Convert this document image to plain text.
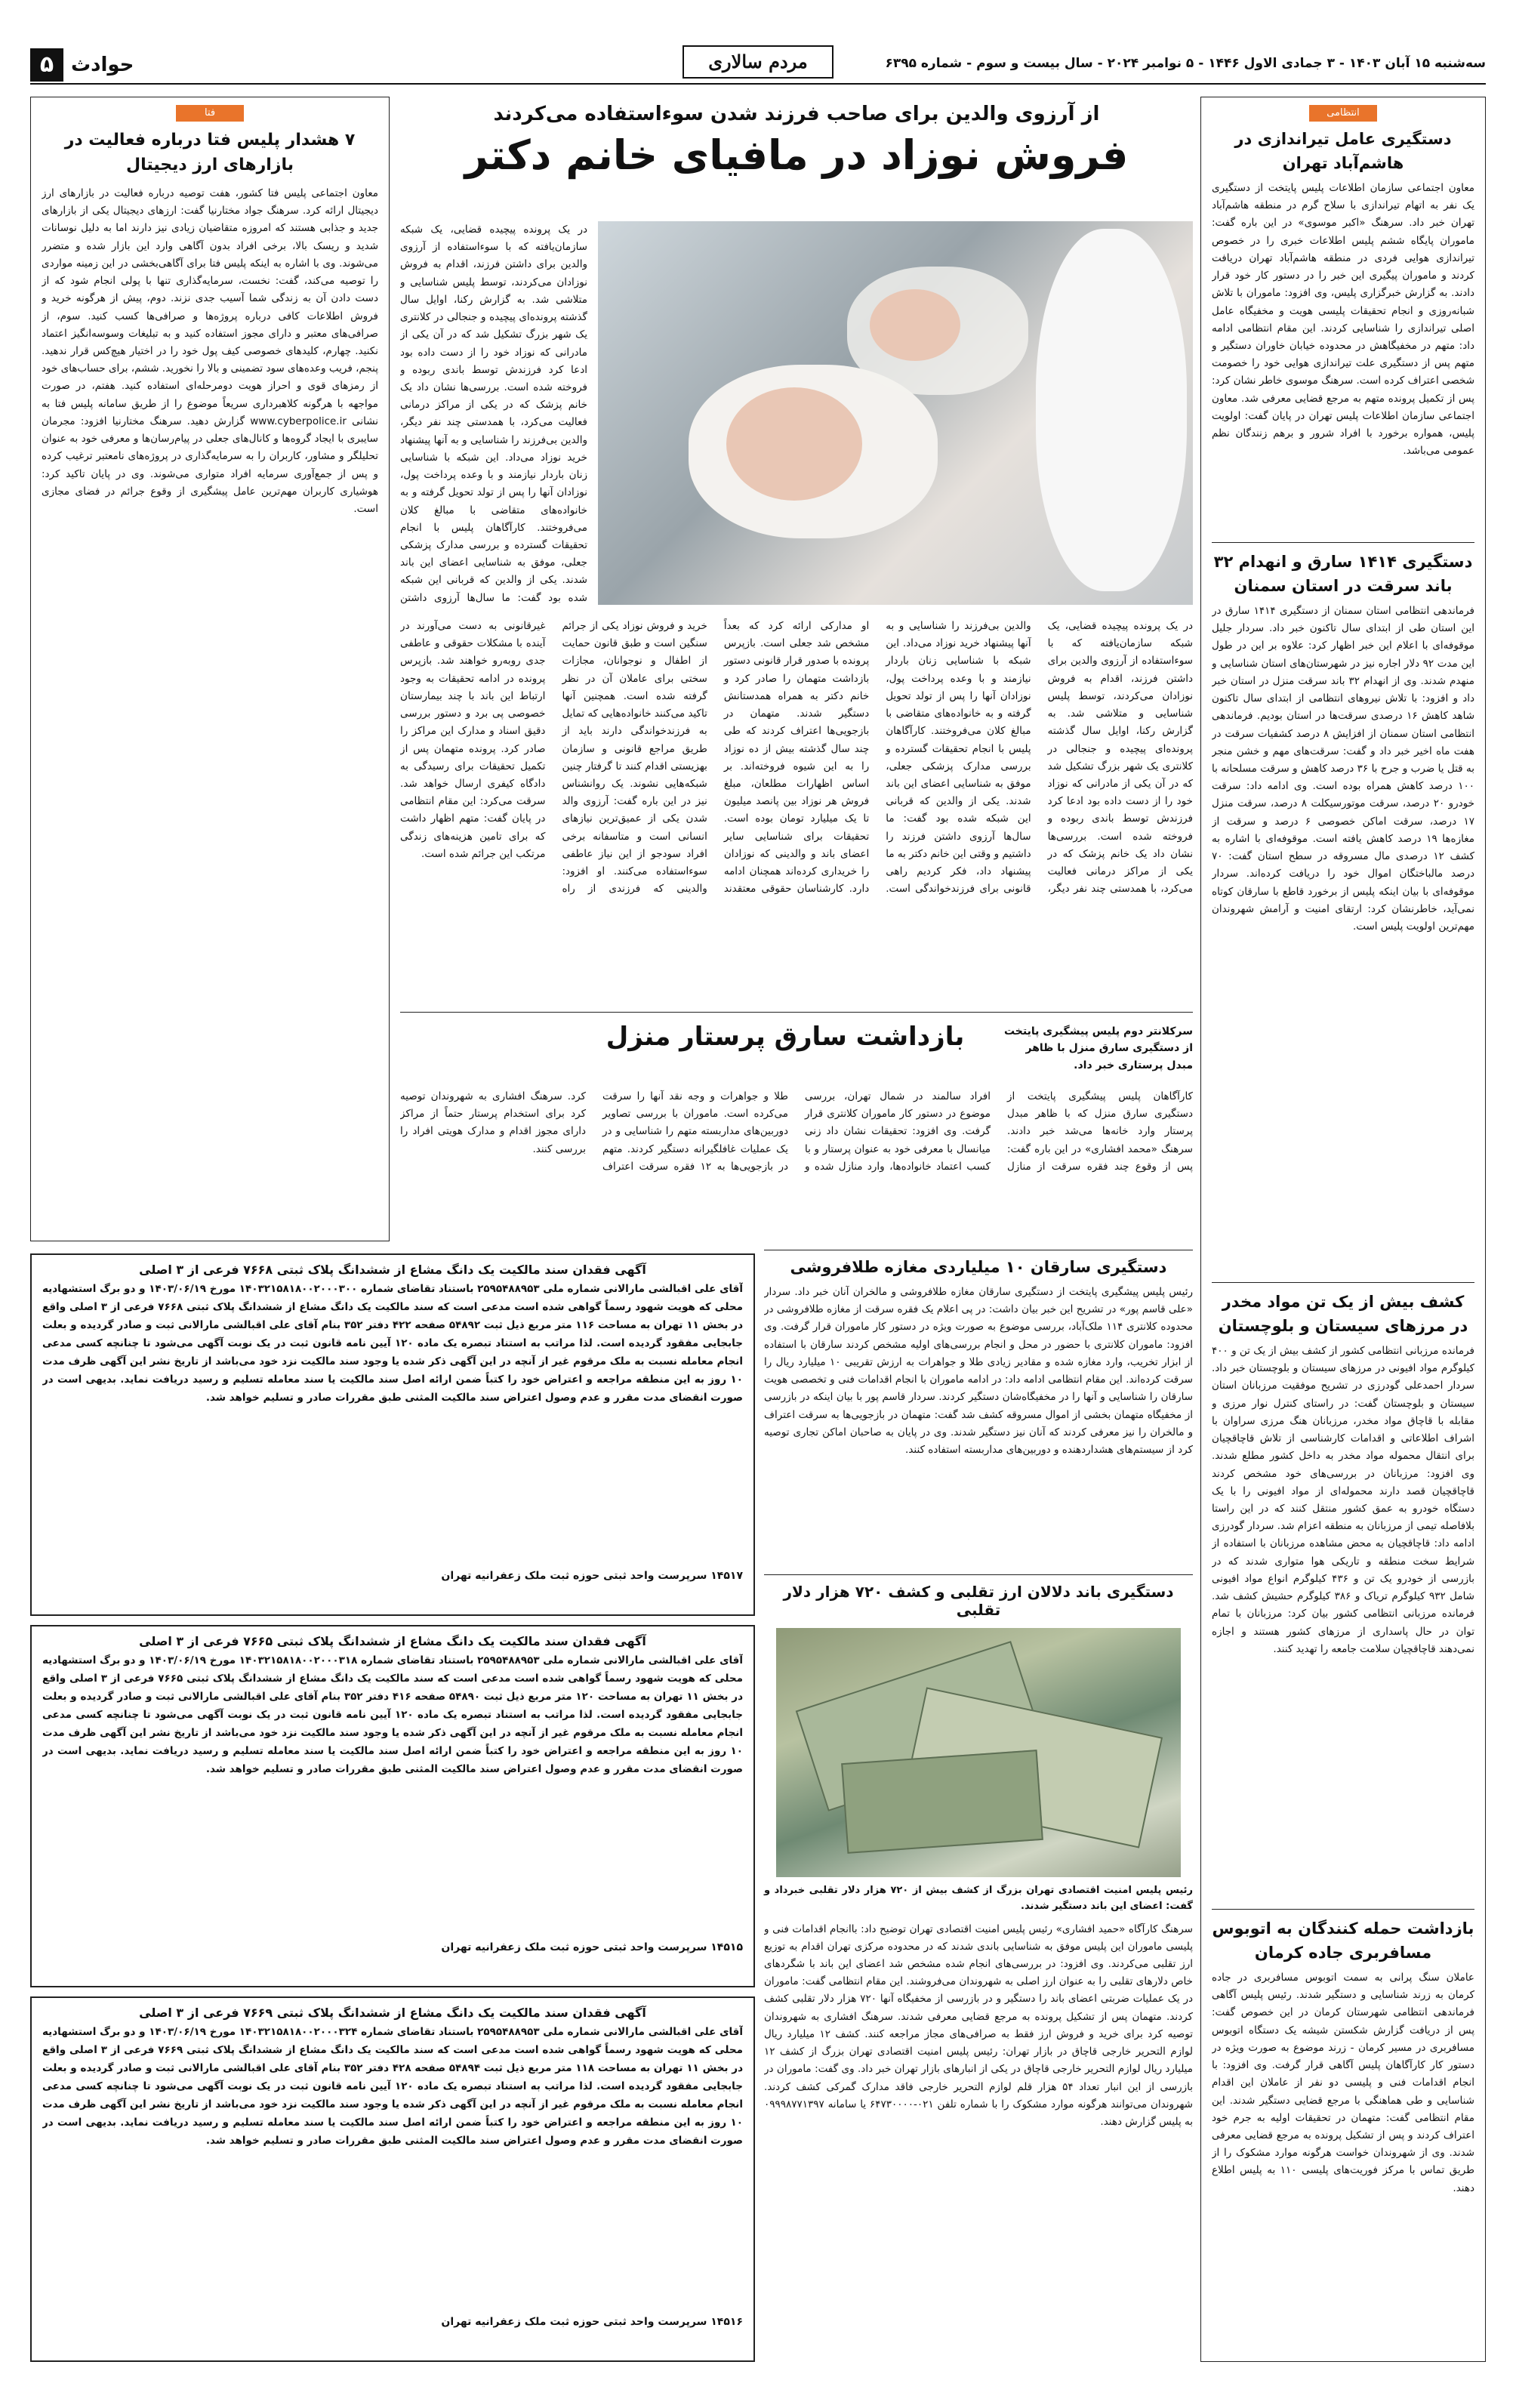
سه‌شنبه ۱۵ آبان ۱۴۰۳ - ۳ جمادی الاول ۱۴۴۶ - ۵ نوامبر ۲۰۲۴ - سال بیست و سوم - شماره ۶۳۹۵
مردم سالاری
حوادث
۵
انتظامی
دستگیری عامل تیراندازی در هاشم‌آباد تهران

معاون اجتماعی سازمان اطلاعات پلیس پایتخت از دستگیری یک نفر به اتهام تیراندازی با سلاح گرم در منطقه هاشم‌آباد تهران خبر داد. سرهنگ «اکبر موسوی» در این باره گفت: ماموران پایگاه ششم پلیس اطلاعات خبری را در خصوص تیراندازی هوایی فردی در منطقه هاشم‌آباد تهران دریافت کردند و ماموران پیگیری این خبر را در دستور کار خود قرار دادند. به گزارش خبرگزاری پلیس، وی افزود: ماموران با تلاش شبانه‌روزی و انجام تحقیقات پلیسی هویت و مخفیگاه عامل اصلی تیراندازی را شناسایی کردند. این مقام انتظامی ادامه داد: متهم در مخفیگاهش در محدوده خیابان خاوران دستگیر و متهم پس از دستگیری علت تیراندازی هوایی خود را خصومت شخصی اعتراف کرده است. سرهنگ موسوی خاطر نشان کرد: پس از تکمیل پرونده متهم به مرجع قضایی معرفی شد. معاون اجتماعی سازمان اطلاعات پلیس تهران در پایان گفت: اولویت پلیس، همواره برخورد با افراد شرور و برهم زنندگان نظم عمومی می‌باشد.

دستگیری ۱۴۱۴ سارق و انهدام ۳۲ باند سرقت در استان سمنان

فرماندهی انتظامی استان سمنان از دستگیری ۱۴۱۴ سارق در این استان طی از ابتدای سال تاکنون خبر داد. سردار جلیل موقوفه‌ای با اعلام این خبر اظهار کرد: علاوه بر این در طول این مدت ۹۲ دلار اجاره نیز در شهرستان‌های استان شناسایی و منهدم شدند. وی از انهدام ۳۲ باند سرقت منزل در استان خبر داد و افزود: با تلاش نیروهای انتظامی از ابتدای سال تاکنون شاهد کاهش ۱۶ درصدی سرقت‌ها در استان بودیم. فرماندهی انتظامی استان سمنان از افزایش ۸ درصد کشفیات سرقت در هفت ماه اخیر خبر داد و گفت: سرقت‌های مهم و خشن منجر به قتل یا ضرب و جرح با ۳۶ درصد کاهش و سرقت مسلحانه با ۱۰۰ درصد کاهش همراه بوده است. وی ادامه داد: سرقت خودرو ۲۰ درصد، سرقت موتورسیکلت ۸ درصد، سرقت منزل ۱۷ درصد، سرقت اماکن خصوصی ۶ درصد و سرقت از مغازه‌ها ۱۹ درصد کاهش یافته است. موقوفه‌ای با اشاره به کشف ۱۲ درصدی مال مسروقه در سطح استان گفت: ۷۰ درصد مالباختگان اموال خود را دریافت کرده‌اند. سردار موقوفه‌ای با بیان اینکه پلیس از برخورد قاطع با سارقان کوتاه نمی‌آید، خاطرنشان کرد: ارتقای امنیت و آرامش شهروندان مهم‌ترین اولویت پلیس است.

کشف بیش از یک تن مواد مخدر در مرزهای سیستان و بلوچستان

فرمانده مرزبانی انتظامی کشور از کشف بیش از یک تن و ۴۰۰ کیلوگرم مواد افیونی در مرزهای سیستان و بلوچستان خبر داد. سردار احمدعلی گودرزی در تشریح موفقیت مرزبانان استان سیستان و بلوچستان گفت: در راستای کنترل نوار مرزی و مقابله با قاچاق مواد مخدر، مرزبانان هنگ مرزی سراوان با اشراف اطلاعاتی و اقدامات کارشناسی از تلاش قاچاقچیان برای انتقال محموله مواد مخدر به داخل کشور مطلع شدند. وی افزود: مرزبانان در بررسی‌های خود مشخص کردند قاچاقچیان قصد دارند محموله‌ای از مواد افیونی را با یک دستگاه خودرو به عمق کشور منتقل کنند که در این راستا بلافاصله تیمی از مرزبانان به منطقه اعزام شد. سردار گودرزی ادامه داد: قاچاقچیان به محض مشاهده مرزبانان با استفاده از شرایط سخت منطقه و تاریکی هوا متواری شدند که در بازرسی از خودرو یک تن و ۴۳۶ کیلوگرم انواع مواد افیونی شامل ۹۳۲ کیلوگرم تریاک و ۳۸۶ کیلوگرم حشیش کشف شد. فرمانده مرزبانی انتظامی کشور بیان کرد: مرزبانان با تمام توان در حال پاسداری از مرزهای کشور هستند و اجازه نمی‌دهند قاچاقچیان سلامت جامعه را تهدید کنند.

بازداشت حمله کنندگان به اتوبوس مسافربری جاده کرمان

عاملان سنگ پرانی به سمت اتوبوس مسافربری در جاده کرمان به زرند شناسایی و دستگیر شدند. رئیس پلیس آگاهی فرماندهی انتظامی شهرستان کرمان در این خصوص گفت: پس از دریافت گزارش شکستن شیشه یک دستگاه اتوبوس مسافربری در مسیر کرمان - زرند موضوع به صورت ویژه در دستور کار کارآگاهان پلیس آگاهی قرار گرفت. وی افزود: با انجام اقدامات فنی و پلیسی دو نفر از عاملان این اقدام شناسایی و طی هماهنگی با مرجع قضایی دستگیر شدند. این مقام انتظامی گفت: متهمان در تحقیقات اولیه به جرم خود اعتراف کردند و پس از تشکیل پرونده به مرجع قضایی معرفی شدند. وی از شهروندان خواست هرگونه موارد مشکوک را از طریق تماس با مرکز فوریت‌های پلیسی ۱۱۰ به پلیس اطلاع دهند.

فتا
۷ هشدار پلیس فتا درباره فعالیت در بازارهای ارز دیجیتال

معاون اجتماعی پلیس فتا کشور، هفت توصیه درباره فعالیت در بازارهای ارز دیجیتال ارائه کرد. سرهنگ جواد مختارنیا گفت: ارزهای دیجیتال یکی از بازارهای جدید و جذابی هستند که امروزه متقاضیان زیادی نیز دارند اما به دلیل نوسانات شدید و ریسک بالا، برخی افراد بدون آگاهی وارد این بازار شده و متضرر می‌شوند. وی با اشاره به اینکه پلیس فتا برای آگاهی‌بخشی در این زمینه مواردی را توصیه می‌کند، گفت: نخست، سرمایه‌گذاری تنها با پولی انجام شود که از دست دادن آن به زندگی شما آسیب جدی نزند. دوم، پیش از هرگونه خرید و فروش اطلاعات کافی درباره پروژه‌ها و صرافی‌ها کسب کنید. سوم، از صرافی‌های معتبر و دارای مجوز استفاده کنید و به تبلیغات وسوسه‌انگیز اعتماد نکنید. چهارم، کلیدهای خصوصی کیف پول خود را در اختیار هیچ‌کس قرار ندهید. پنجم، فریب وعده‌های سود تضمینی و بالا را نخورید. ششم، برای حساب‌های خود از رمزهای قوی و احراز هویت دومرحله‌ای استفاده کنید. هفتم، در صورت مواجهه با هرگونه کلاهبرداری سریعاً موضوع را از طریق سامانه پلیس فتا به نشانی www.cyberpolice.ir گزارش دهید. سرهنگ مختارنیا افزود: مجرمان سایبری با ایجاد گروه‌ها و کانال‌های جعلی در پیام‌رسان‌ها و معرفی خود به عنوان تحلیلگر و مشاور، کاربران را به سرمایه‌گذاری در پروژه‌های نامعتبر ترغیب کرده و پس از جمع‌آوری سرمایه افراد متواری می‌شوند. وی در پایان تاکید کرد: هوشیاری کاربران مهم‌ترین عامل پیشگیری از وقوع جرائم در فضای مجازی است.

از آرزوی والدین برای صاحب فرزند شدن سوءاستفاده می‌کردند
فروش نوزاد در مافیای خانم دکتر

در یک پرونده پیچیده قضایی، یک شبکه سازمان‌یافته که با سوءاستفاده از آرزوی والدین برای داشتن فرزند، اقدام به فروش نوزادان می‌کردند، توسط پلیس شناسایی و متلاشی شد. به گزارش رکنا، اوایل سال گذشته پرونده‌ای پیچیده و جنجالی در کلانتری یک شهر بزرگ تشکیل شد که در آن یکی از مادرانی که نوزاد خود را از دست داده بود ادعا کرد فرزندش توسط باندی ربوده و فروخته شده است. بررسی‌ها نشان داد یک خانم پزشک که در یکی از مراکز درمانی فعالیت می‌کرد، با همدستی چند نفر دیگر، والدین بی‌فرزند را شناسایی و به آنها پیشنهاد خرید نوزاد می‌داد. این شبکه با شناسایی زنان باردار نیازمند و با وعده پرداخت پول، نوزادان آنها را پس از تولد تحویل گرفته و به خانواده‌های متقاضی با مبالغ کلان می‌فروختند. کارآگاهان پلیس با انجام تحقیقات گسترده و بررسی مدارک پزشکی جعلی، موفق به شناسایی اعضای این باند شدند. یکی از والدین که قربانی این شبکه شده بود گفت: ما سال‌ها آرزوی داشتن فرزند را داشتیم و وقتی این خانم دکتر به ما پیشنهاد داد، فکر کردیم راهی قانونی برای فرزندخواندگی است. او مدارکی ارائه کرد که بعداً مشخص شد جعلی است. بازپرس پرونده با صدور قرار قانونی دستور بازداشت متهمان را صادر کرد و خانم دکتر به همراه همدستانش دستگیر شدند. متهمان در بازجویی‌ها اعتراف کردند که طی چند سال گذشته بیش از ده نوزاد را به این شیوه فروخته‌اند. بر اساس اظهارات مطلعان، مبلغ فروش هر نوزاد بین پانصد میلیون تا یک میلیارد تومان بوده است. تحقیقات برای شناسایی سایر اعضای باند و والدینی که نوزادان را خریداری کرده‌اند همچنان ادامه دارد. کارشناسان حقوقی معتقدند خرید و فروش نوزاد یکی از جرائم سنگین است و طبق قانون حمایت از اطفال و نوجوانان، مجازات سختی برای عاملان آن در نظر گرفته شده است. همچنین آنها تاکید می‌کنند خانواده‌هایی که تمایل به فرزندخواندگی دارند باید از طریق مراجع قانونی و سازمان بهزیستی اقدام کنند تا گرفتار چنین شبکه‌هایی نشوند. یک روانشناس نیز در این باره گفت: آرزوی والد شدن یکی از عمیق‌ترین نیازهای انسانی است و متاسفانه برخی افراد سودجو از این نیاز عاطفی سوءاستفاده می‌کنند. او افزود: والدینی که فرزندی از راه غیرقانونی به دست می‌آورند در آینده با مشکلات حقوقی و عاطفی جدی روبه‌رو خواهند شد. بازپرس پرونده در ادامه تحقیقات به وجود ارتباط این باند با چند بیمارستان خصوصی پی برد و دستور بررسی دقیق اسناد و مدارک این مراکز را صادر کرد. پرونده متهمان پس از تکمیل تحقیقات برای رسیدگی به دادگاه کیفری ارسال خواهد شد. سرقت می‌کرد: این مقام انتظامی در پایان گفت: متهم اظهار داشت که برای تامین هزینه‌های زندگی مرتکب این جرائم شده است.

در یک پرونده پیچیده قضایی، یک شبکه سازمان‌یافته که با سوءاستفاده از آرزوی والدین برای داشتن فرزند، اقدام به فروش نوزادان می‌کردند، توسط پلیس شناسایی و متلاشی شد. به گزارش رکنا، اوایل سال گذشته پرونده‌ای پیچیده و جنجالی در کلانتری یک شهر بزرگ تشکیل شد که در آن یکی از مادرانی که نوزاد خود را از دست داده بود ادعا کرد فرزندش توسط باندی ربوده و فروخته شده است. بررسی‌ها نشان داد یک خانم پزشک که در یکی از مراکز درمانی فعالیت می‌کرد، با همدستی چند نفر دیگر، والدین بی‌فرزند را شناسایی و به آنها پیشنهاد خرید نوزاد می‌داد. این شبکه با شناسایی زنان باردار نیازمند و با وعده پرداخت پول، نوزادان آنها را پس از تولد تحویل گرفته و به خانواده‌های متقاضی با مبالغ کلان می‌فروختند. کارآگاهان پلیس با انجام تحقیقات گسترده و بررسی مدارک پزشکی جعلی، موفق به شناسایی اعضای این باند شدند. یکی از والدین که قربانی این شبکه شده بود گفت: ما سال‌ها آرزوی داشتن

سرکلانتر دوم پلیس پیشگیری پایتخت از دستگیری سارق منزل با ظاهر مبدل پرستاری خبر داد.
بازداشت سارق پرستار منزل

کارآگاهان پلیس پیشگیری پایتخت از دستگیری سارق منزل که با ظاهر مبدل پرستار وارد خانه‌ها می‌شد خبر دادند. سرهنگ «محمد افشاری» در این باره گفت: پس از وقوع چند فقره سرقت از منازل افراد سالمند در شمال تهران، بررسی موضوع در دستور کار ماموران کلانتری قرار گرفت. وی افزود: تحقیقات نشان داد زنی میانسال با معرفی خود به عنوان پرستار و با کسب اعتماد خانواده‌ها، وارد منازل شده و طلا و جواهرات و وجه نقد آنها را سرقت می‌کرده است. ماموران با بررسی تصاویر دوربین‌های مداربسته متهم را شناسایی و در یک عملیات غافلگیرانه دستگیر کردند. متهم در بازجویی‌ها به ۱۲ فقره سرقت اعتراف کرد. سرهنگ افشاری به شهروندان توصیه کرد برای استخدام پرستار حتماً از مراکز دارای مجوز اقدام و مدارک هویتی افراد را بررسی کنند.

آگهی فقدان سند مالکیت یک دانگ مشاع از ششدانگ پلاک ثبتی ۷۶۶۸ فرعی از ۳ اصلی

آقای علی اقبالشی مارالانی شماره ملی ۲۵۹۵۴۸۸۹۵۳ باستناد تقاضای شماره ۱۴۰۳۲۱۵۸۱۸۰۰۲۰۰۰۳۰۰ مورخ ۱۴۰۳/۰۶/۱۹ و دو برگ استشهادیه محلی که هویت شهود رسماً گواهی شده است مدعی است که سند مالکیت یک دانگ مشاع از ششدانگ پلاک ثبتی ۷۶۶۸ فرعی از ۳ اصلی واقع در بخش ۱۱ تهران به مساحت ۱۱۶ متر مربع ذیل ثبت ۵۴۸۹۲ صفحه ۴۲۲ دفتر ۳۵۲ بنام آقای علی اقبالشی مارالانی ثبت و صادر گردیده و بعلت جابجایی مفقود گردیده است. لذا مراتب به استناد تبصره یک ماده ۱۲۰ آیین نامه قانون ثبت در یک نوبت آگهی می‌شود تا چنانچه کسی مدعی انجام معامله نسبت به ملک مرقوم غیر از آنچه در این آگهی ذکر شده یا وجود سند مالکیت نزد خود می‌باشد از تاریخ نشر این آگهی ظرف مدت ۱۰ روز به این منطقه مراجعه و اعتراض خود را کتباً ضمن ارائه اصل سند مالکیت یا سند معامله تسلیم و رسید دریافت نماید. بدیهی است در صورت انقضای مدت مقرر و عدم وصول اعتراض سند مالکیت المثنی طبق مقررات صادر و تسلیم خواهد شد.

۱۴۵۱۷ سرپرست واحد ثبتی حوزه ثبت ملک زعفرانیه تهران
آگهی فقدان سند مالکیت یک دانگ مشاع از ششدانگ پلاک ثبتی ۷۶۶۵ فرعی از ۳ اصلی

آقای علی اقبالشی مارالانی شماره ملی ۲۵۹۵۴۸۸۹۵۳ باستناد تقاضای شماره ۱۴۰۳۲۱۵۸۱۸۰۰۲۰۰۰۳۱۸ مورخ ۱۴۰۳/۰۶/۱۹ و دو برگ استشهادیه محلی که هویت شهود رسماً گواهی شده است مدعی است که سند مالکیت یک دانگ مشاع از ششدانگ پلاک ثبتی ۷۶۶۵ فرعی از ۳ اصلی واقع در بخش ۱۱ تهران به مساحت ۱۲۰ متر مربع ذیل ثبت ۵۴۸۹۰ صفحه ۴۱۶ دفتر ۳۵۲ بنام آقای علی اقبالشی مارالانی ثبت و صادر گردیده و بعلت جابجایی مفقود گردیده است. لذا مراتب به استناد تبصره یک ماده ۱۲۰ آیین نامه قانون ثبت در یک نوبت آگهی می‌شود تا چنانچه کسی مدعی انجام معامله نسبت به ملک مرقوم غیر از آنچه در این آگهی ذکر شده یا وجود سند مالکیت نزد خود می‌باشد از تاریخ نشر این آگهی ظرف مدت ۱۰ روز به این منطقه مراجعه و اعتراض خود را کتباً ضمن ارائه اصل سند مالکیت یا سند معامله تسلیم و رسید دریافت نماید. بدیهی است در صورت انقضای مدت مقرر و عدم وصول اعتراض سند مالکیت المثنی طبق مقررات صادر و تسلیم خواهد شد.

۱۴۵۱۵ سرپرست واحد ثبتی حوزه ثبت ملک زعفرانیه تهران
آگهی فقدان سند مالکیت یک دانگ مشاع از ششدانگ پلاک ثبتی ۷۶۶۹ فرعی از ۳ اصلی

آقای علی اقبالشی مارالانی شماره ملی ۲۵۹۵۴۸۸۹۵۳ باستناد تقاضای شماره ۱۴۰۳۲۱۵۸۱۸۰۰۲۰۰۰۳۲۴ مورخ ۱۴۰۳/۰۶/۱۹ و دو برگ استشهادیه محلی که هویت شهود رسماً گواهی شده است مدعی است که سند مالکیت یک دانگ مشاع از ششدانگ پلاک ثبتی ۷۶۶۹ فرعی از ۳ اصلی واقع در بخش ۱۱ تهران به مساحت ۱۱۸ متر مربع ذیل ثبت ۵۴۸۹۴ صفحه ۴۲۸ دفتر ۳۵۲ بنام آقای علی اقبالشی مارالانی ثبت و صادر گردیده و بعلت جابجایی مفقود گردیده است. لذا مراتب به استناد تبصره یک ماده ۱۲۰ آیین نامه قانون ثبت در یک نوبت آگهی می‌شود تا چنانچه کسی مدعی انجام معامله نسبت به ملک مرقوم غیر از آنچه در این آگهی ذکر شده یا وجود سند مالکیت نزد خود می‌باشد از تاریخ نشر این آگهی ظرف مدت ۱۰ روز به این منطقه مراجعه و اعتراض خود را کتباً ضمن ارائه اصل سند مالکیت یا سند معامله تسلیم و رسید دریافت نماید. بدیهی است در صورت انقضای مدت مقرر و عدم وصول اعتراض سند مالکیت المثنی طبق مقررات صادر و تسلیم خواهد شد.

۱۴۵۱۶ سرپرست واحد ثبتی حوزه ثبت ملک زعفرانیه تهران
دستگیری سارقان ۱۰ میلیاردی مغازه طلافروشی

رئیس پلیس پیشگیری پایتخت از دستگیری سارقان مغازه طلافروشی و مالخران آنان خبر داد. سردار «علی قاسم پور» در تشریح این خبر بیان داشت: در پی اعلام یک فقره سرقت از مغازه طلافروشی در محدوده کلانتری ۱۱۴ ملک‌آباد، بررسی موضوع به صورت ویژه در دستور کار ماموران قرار گرفت. وی افزود: ماموران کلانتری با حضور در محل و انجام بررسی‌های اولیه مشخص کردند سارقان با استفاده از ابزار تخریب، وارد مغازه شده و مقادیر زیادی طلا و جواهرات به ارزش تقریبی ۱۰ میلیارد ریال را سرقت کرده‌اند. این مقام انتظامی ادامه داد: در ادامه ماموران با انجام اقدامات فنی و تخصصی هویت سارقان را شناسایی و آنها را در مخفیگاه‌شان دستگیر کردند. سردار قاسم پور با بیان اینکه در بازرسی از مخفیگاه متهمان بخشی از اموال مسروقه کشف شد گفت: متهمان در بازجویی‌ها به سرقت اعتراف و مالخران را نیز معرفی کردند که آنان نیز دستگیر شدند. وی در پایان به صاحبان اماکن تجاری توصیه کرد از سیستم‌های هشداردهنده و دوربین‌های مداربسته استفاده کنند.

دستگیری باند دلالان ارز تقلبی و کشف ۷۲۰ هزار دلار تقلبی
رئیس پلیس امنیت اقتصادی تهران بزرگ از کشف بیش از ۷۲۰ هزار دلار تقلبی خبرداد و گفت: اعضای این باند دستگیر شدند.

سرهنگ کارآگاه «حمید افشاری» رئیس پلیس امنیت اقتصادی تهران توضیح داد: باانجام اقدامات فنی و پلیسی ماموران این پلیس موفق به شناسایی باندی شدند که در محدوده مرکزی تهران اقدام به توزیع ارز تقلبی می‌کردند. وی افزود: در بررسی‌های انجام شده مشخص شد اعضای این باند با شگردهای خاص دلارهای تقلبی را به عنوان ارز اصلی به شهروندان می‌فروشند. این مقام انتظامی گفت: ماموران در یک عملیات ضربتی اعضای باند را دستگیر و در بازرسی از مخفیگاه آنها ۷۲۰ هزار دلار تقلبی کشف کردند. متهمان پس از تشکیل پرونده به مرجع قضایی معرفی شدند. سرهنگ افشاری به شهروندان توصیه کرد برای خرید و فروش ارز فقط به صرافی‌های مجاز مراجعه کنند. کشف ۱۲ میلیارد ریال لوازم التحریر خارجی قاچاق در بازار تهران: رئیس پلیس امنیت اقتصادی تهران بزرگ از کشف ۱۲ میلیارد ریال لوازم التحریر خارجی قاچاق در یکی از انبارهای بازار تهران خبر داد. وی گفت: ماموران در بازرسی از این انبار تعداد ۵۴ هزار قلم لوازم التحریر خارجی فاقد مدارک گمرکی کشف کردند. شهروندان می‌توانند هرگونه موارد مشکوک را با شماره تلفن ۰۲۱-۶۴۷۳۰۰۰۰ یا سامانه ۰۹۹۹۸۷۷۱۳۹۷ به پلیس گزارش دهند.
